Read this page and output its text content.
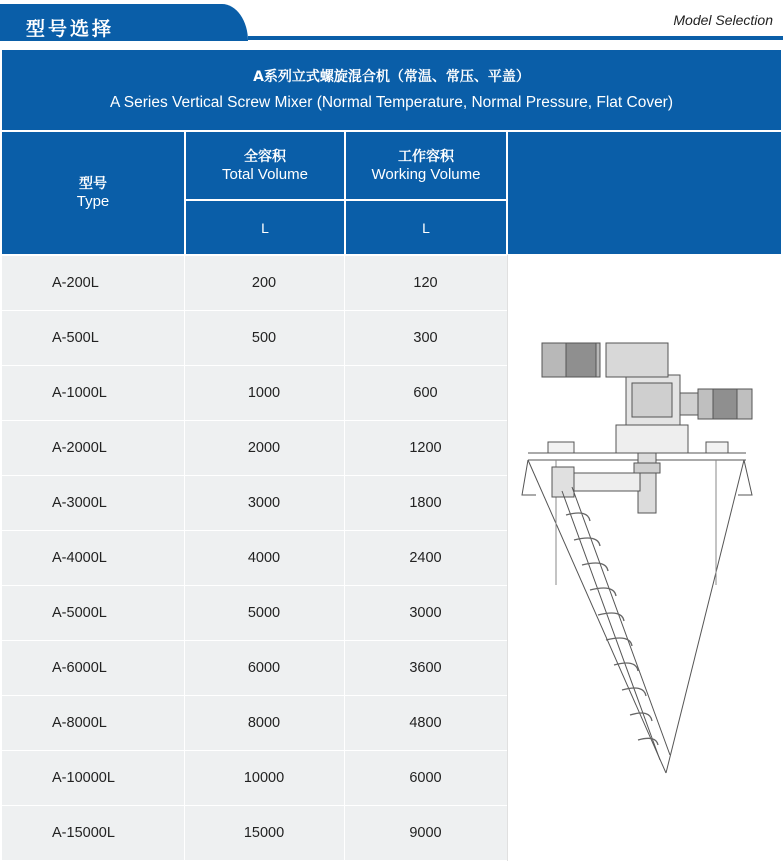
型号选择	Model Selection
A系列立式螺旋混合机（常温、常压、平盖）
A Series Vertical Screw Mixer (Normal Temperature, Normal Pressure, Flat Cover)
型号
Type
全容积
Total Volume
工作容积
Working Volume
L	L
A-200L	200	120
A-500L	500	300
A-1000L	1000	600
A-2000L	2000	1200
A-3000L	3000	1800
A-4000L	4000	2400
A-5000L	5000	3000
A-6000L	6000	3600
A-8000L	8000	4800
A-10000L	10000	6000
A-15000L	15000	9000
